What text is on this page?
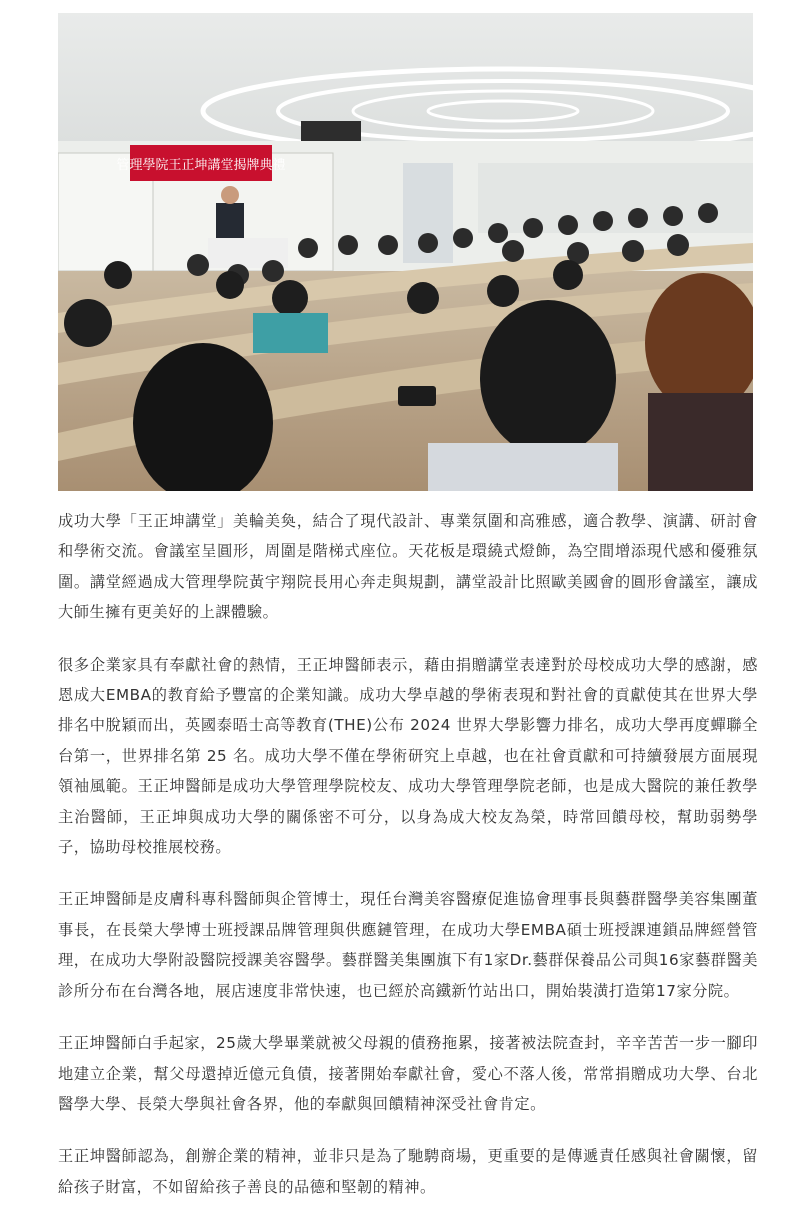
管理學院王正坤講堂揭牌典禮

成功大學「王正坤講堂」美輪美奐，結合了現代設計、專業氛圍和高雅感，適合教學、演講、研討會和學術交流。會議室呈圓形，周圍是階梯式座位。天花板是環繞式燈飾，為空間增添現代感和優雅氛圍。講堂經過成大管理學院黃宇翔院長用心奔走與規劃，講堂設計比照歐美國會的圓形會議室，讓成大師生擁有更美好的上課體驗。

很多企業家具有奉獻社會的熱情，王正坤醫師表示，藉由捐贈講堂表達對於母校成功大學的感謝，感恩成大EMBA的教育給予豐富的企業知識。成功大學卓越的學術表現和對社會的貢獻使其在世界大學排名中脫穎而出，英國泰晤士高等教育(THE)公布 2024 世界大學影響力排名，成功大學再度蟬聯全台第一，世界排名第 25 名。成功大學不僅在學術研究上卓越，也在社會貢獻和可持續發展方面展現領袖風範。王正坤醫師是成功大學管理學院校友、成功大學管理學院老師，也是成大醫院的兼任教學主治醫師，王正坤與成功大學的關係密不可分，以身為成大校友為榮，時常回饋母校，幫助弱勢學子，協助母校推展校務。

王正坤醫師是皮膚科專科醫師與企管博士，現任台灣美容醫療促進協會理事長與藝群醫學美容集團董事長，在長榮大學博士班授課品牌管理與供應鏈管理，在成功大學EMBA碩士班授課連鎖品牌經營管理，在成功大學附設醫院授課美容醫學。藝群醫美集團旗下有1家Dr.藝群保養品公司與16家藝群醫美診所分布在台灣各地，展店速度非常快速，也已經於高鐵新竹站出口，開始裝潢打造第17家分院。

王正坤醫師白手起家，25歲大學畢業就被父母親的債務拖累，接著被法院查封，辛辛苦苦一步一腳印地建立企業，幫父母還掉近億元負債，接著開始奉獻社會，愛心不落人後，常常捐贈成功大學、台北醫學大學、長榮大學與社會各界，他的奉獻與回饋精神深受社會肯定。

王正坤醫師認為，創辦企業的精神，並非只是為了馳騁商場，更重要的是傳遞責任感與社會關懷，留給孩子財富，不如留給孩子善良的品德和堅韌的精神。
